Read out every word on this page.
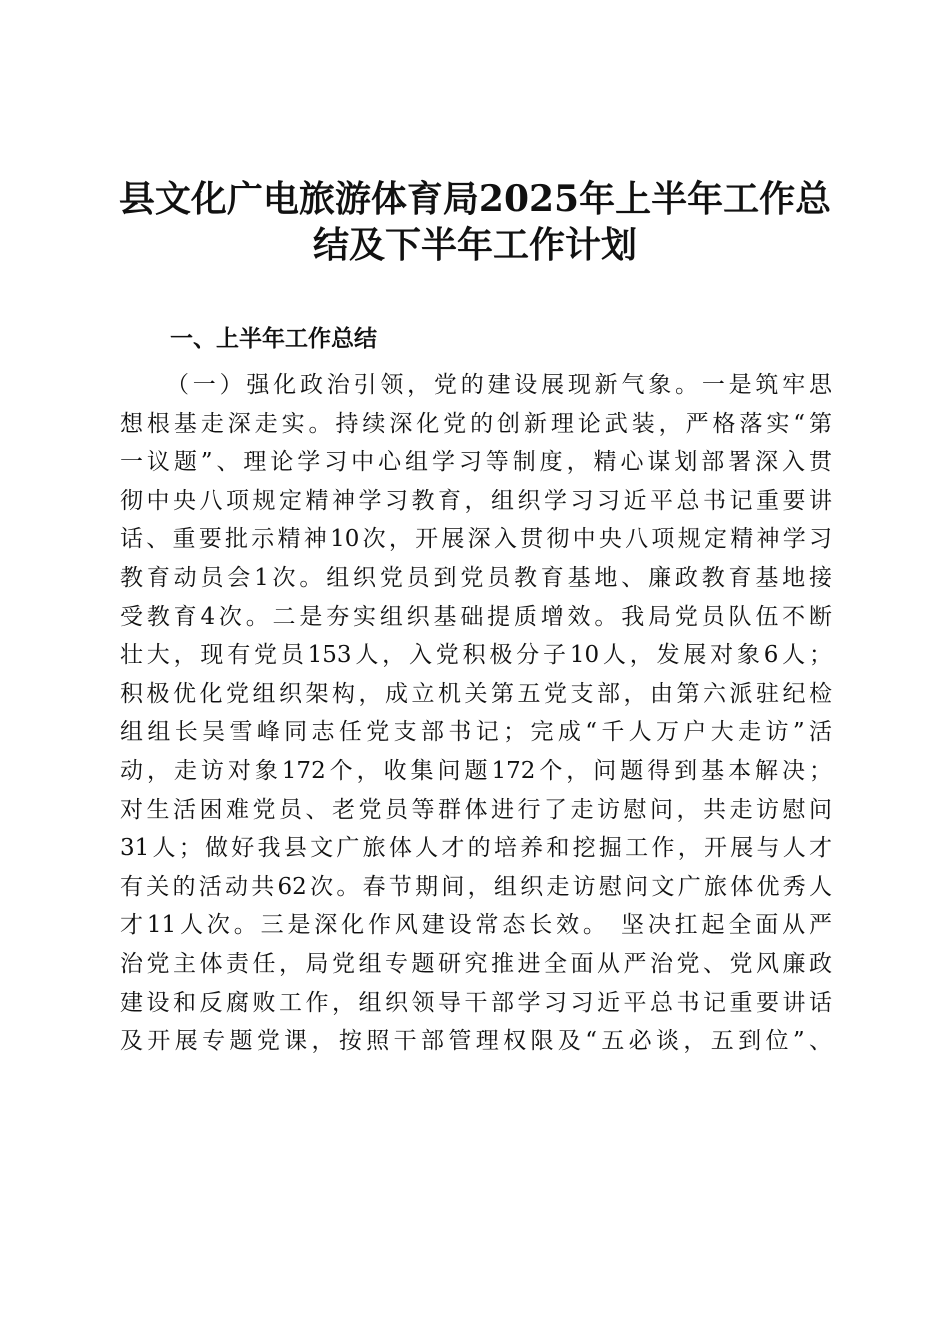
县文化广电旅游体育局2025年上半年工作总
结及下半年工作计划
一、上半年工作总结
（一）强化政治引领，党的建设展现新气象。一是筑牢思
想根基走深走实。持续深化党的创新理论武装，严格落实“第
一议题”、理论学习中心组学习等制度，精心谋划部署深入贯
彻中央八项规定精神学习教育，组织学习习近平总书记重要讲
话、重要批示精神10次，开展深入贯彻中央八项规定精神学习
教育动员会1次。组织党员到党员教育基地、廉政教育基地接
受教育4次。二是夯实组织基础提质增效。我局党员队伍不断
壮大，现有党员153人，入党积极分子10人，发展对象6人；
积极优化党组织架构，成立机关第五党支部，由第六派驻纪检
组组长吴雪峰同志任党支部书记；完成“千人万户大走访”活
动，走访对象172个，收集问题172个，问题得到基本解决；
对生活困难党员、老党员等群体进行了走访慰问，共走访慰问
31人；做好我县文广旅体人才的培养和挖掘工作，开展与人才
有关的活动共62次。春节期间，组织走访慰问文广旅体优秀人
才11人次。三是深化作风建设常态长效。 坚决扛起全面从严
治党主体责任，局党组专题研究推进全面从严治党、党风廉政
建设和反腐败工作，组织领导干部学习习近平总书记重要讲话
及开展专题党课，按照干部管理权限及“五必谈，五到位”、
